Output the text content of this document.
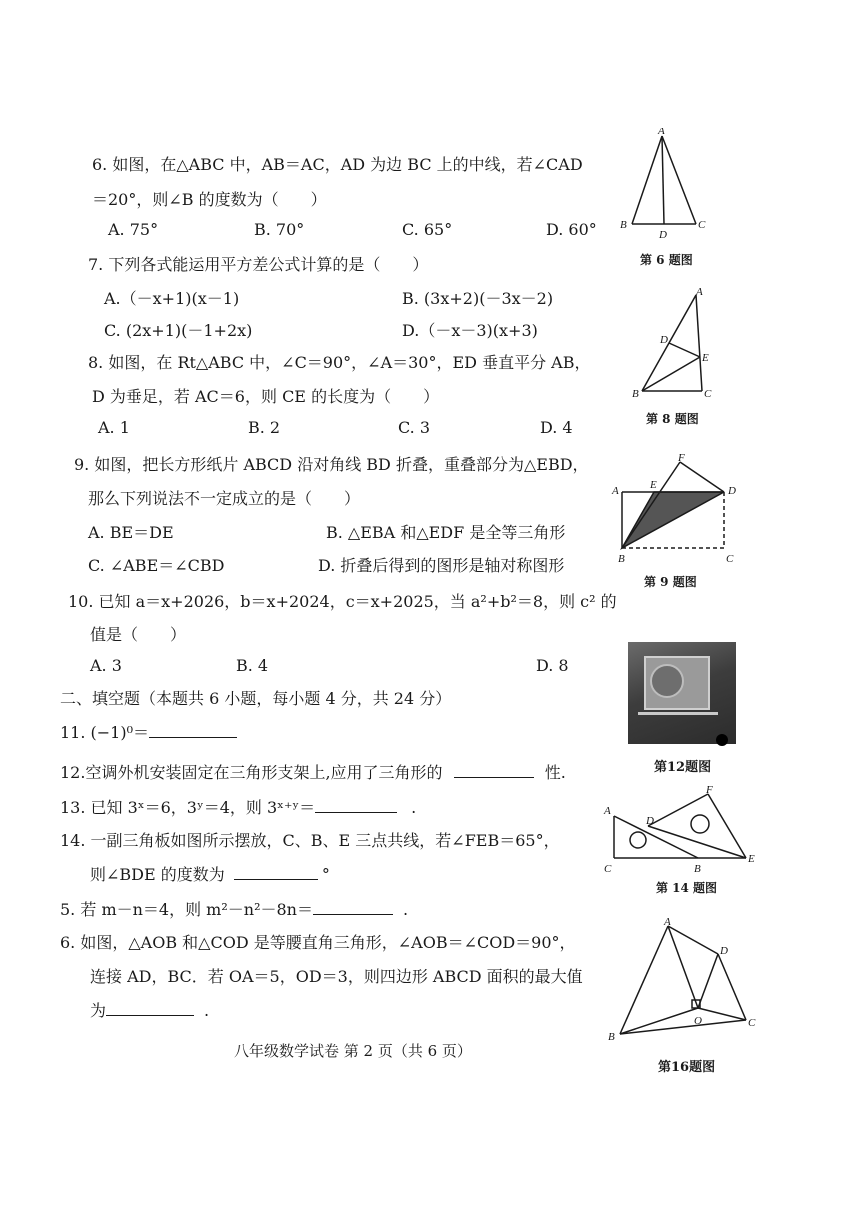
6. 如图，在△ABC 中，AB＝AC，AD 为边 BC 上的中线，若∠CAD
＝20°，则∠B 的度数为（　　）
A. 75°	B. 70°	C. 65°	D. 60°
A
B	C
D
第 6 题图
7. 下列各式能运用平方差公式计算的是（　　）
A.（－x+1)(x－1)	B. (3x+2)(－3x－2)
C. (2x+1)(－1+2x)	D.（－x－3)(x+3)
8. 如图，在 Rt△ABC 中，∠C＝90°，∠A＝30°，ED 垂直平分 AB，
D 为垂足，若 AC＝6，则 CE 的长度为（　　）
A. 1	B. 2	C. 3	D. 4
A
D
E
B	C
第 8 题图
9. 如图，把长方形纸片 ABCD 沿对角线 BD 折叠，重叠部分为△EBD，
那么下列说法不一定成立的是（　　）
A. BE＝DE	B. △EBA 和△EDF 是全等三角形
C. ∠ABE＝∠CBD	D. 折叠后得到的图形是轴对称图形
F
A	E	D
B	C
第 9 题图
10. 已知 a＝x+2026，b＝x+2024，c＝x+2025，当 a²+b²＝8，则 c² 的
值是（　　）
A. 3	B. 4	D. 8
二、填空题（本题共 6 小题，每小题 4 分，共 24 分）
11. (−1)⁰＝
12.空调外机安装固定在三角形支架上,应用了三角形的	性.	第12题图
13. 已知 3ˣ＝6，3ʸ＝4，则 3ˣ⁺ʸ＝	.
14. 一副三角板如图所示摆放，C、B、E 三点共线，若∠FEB＝65°，
则∠BDE 的度数为	°
A
F
D
C	B
E
第 14 题图
5. 若 m－n＝4，则 m²－n²－8n＝	.
6. 如图，△AOB 和△COD 是等腰直角三角形，∠AOB＝∠COD＝90°，
连接 AD，BC．若 OA＝5，OD＝3，则四边形 ABCD 面积的最大值
为	.
A
D
O
B
C
第16题图
八年级数学试卷 第 2 页（共 6 页）
